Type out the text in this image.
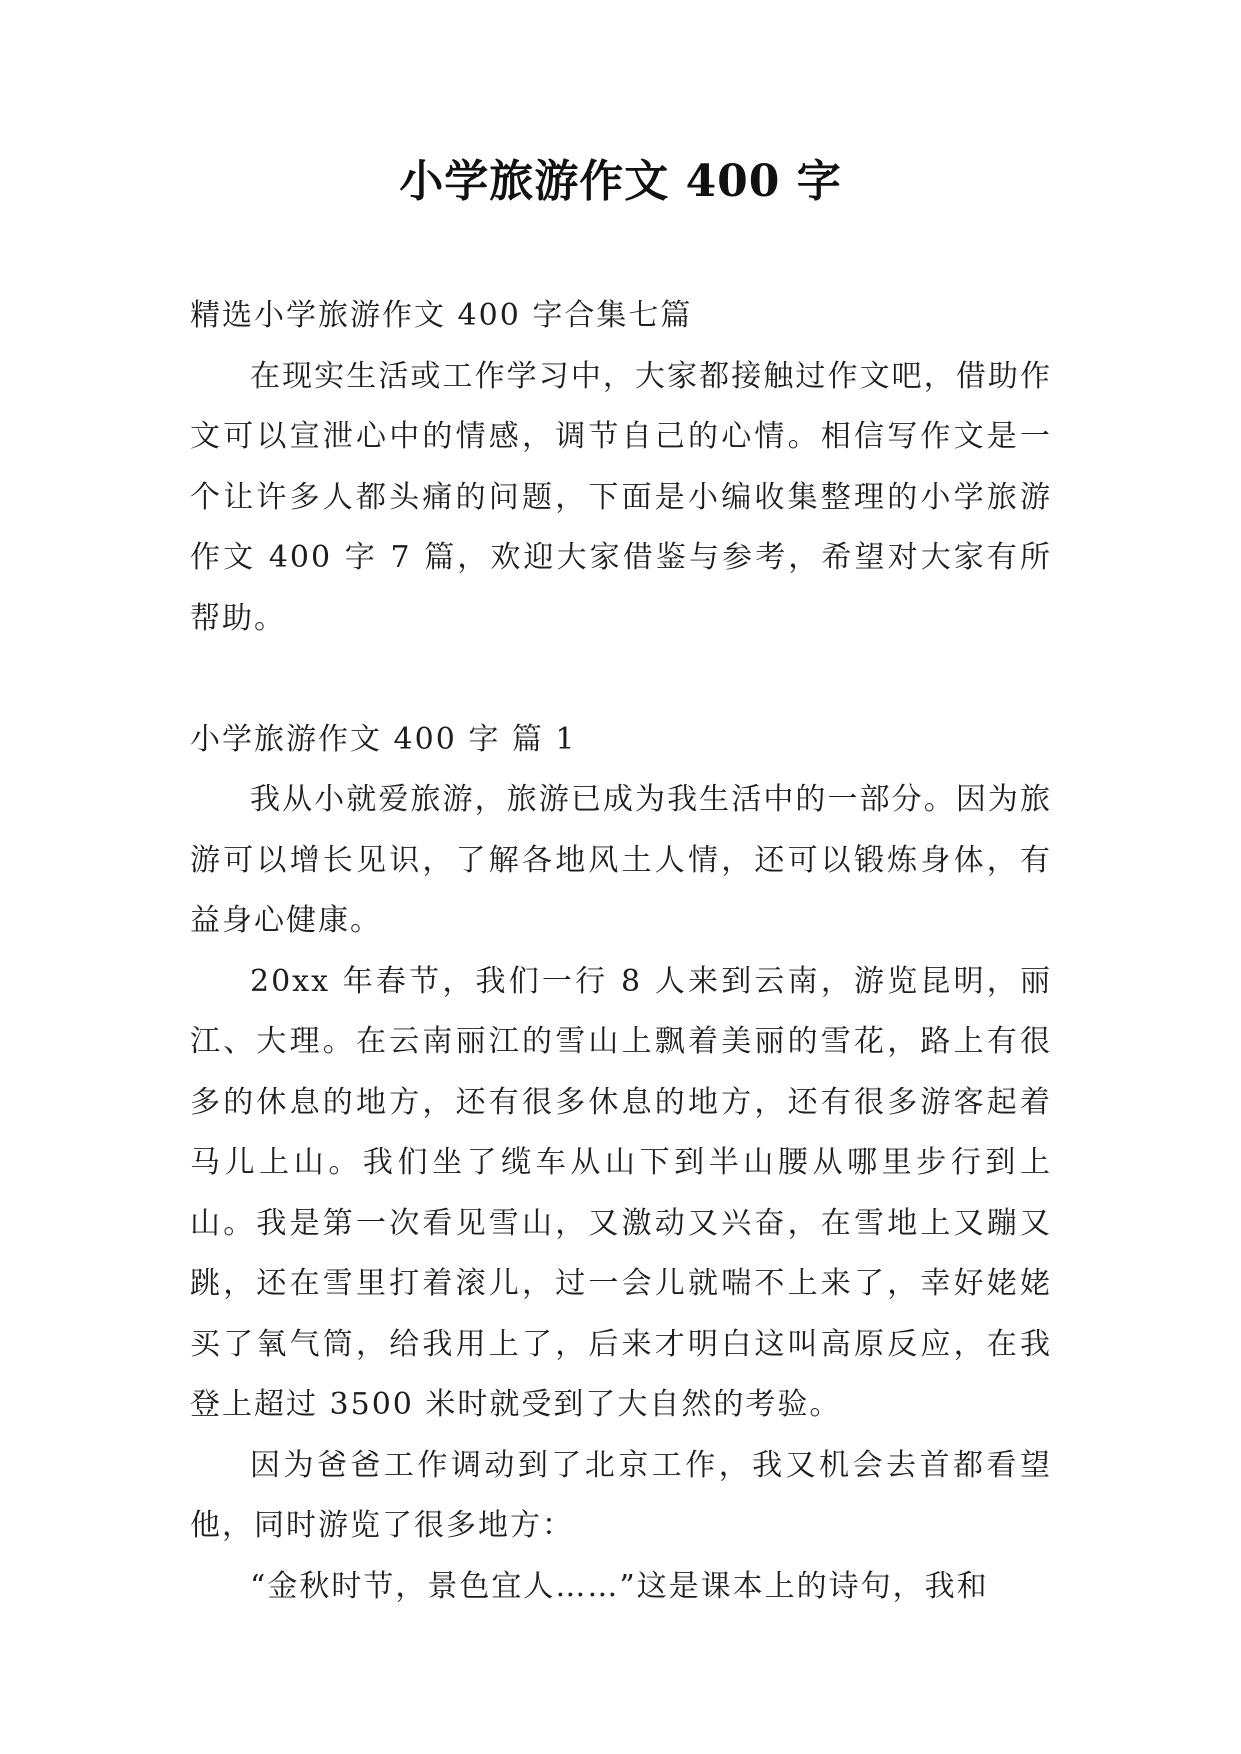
小学旅游作文 400 字

精选小学旅游作文 400 字合集七篇

在现实生活或工作学习中，大家都接触过作文吧，借助作文可以宣泄心中的情感，调节自己的心情。相信写作文是一个让许多人都头痛的问题，下面是小编收集整理的小学旅游作文 400 字 7 篇，欢迎大家借鉴与参考，希望对大家有所帮助。

小学旅游作文 400 字 篇 1

我从小就爱旅游，旅游已成为我生活中的一部分。因为旅游可以增长见识，了解各地风土人情，还可以锻炼身体，有益身心健康。

20xx 年春节，我们一行 8 人来到云南，游览昆明，丽江、大理。在云南丽江的雪山上飘着美丽的雪花，路上有很多的休息的地方，还有很多休息的地方，还有很多游客起着马儿上山。我们坐了缆车从山下到半山腰从哪里步行到上山。我是第一次看见雪山，又激动又兴奋，在雪地上又蹦又跳，还在雪里打着滚儿，过一会儿就喘不上来了，幸好姥姥买了氧气筒，给我用上了，后来才明白这叫高原反应，在我登上超过 3500 米时就受到了大自然的考验。

因为爸爸工作调动到了北京工作，我又机会去首都看望他，同时游览了很多地方：

“金秋时节，景色宜人……”这是课本上的诗句，我和
